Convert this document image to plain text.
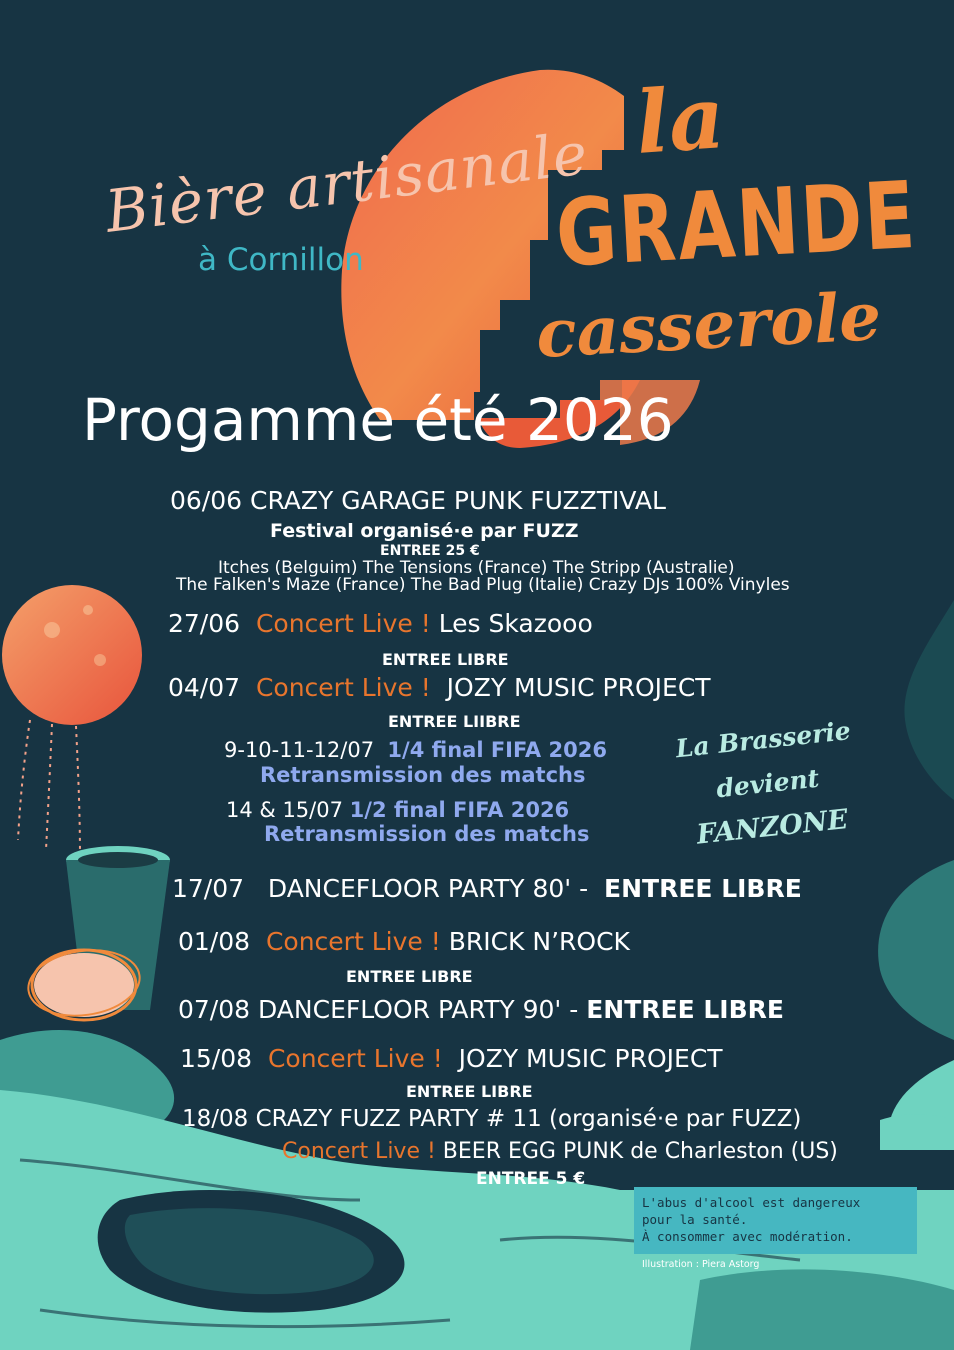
Bière artisanale
à Cornillon
la
GRANDE
casserole
Progamme été 2026
06/06 CRAZY GARAGE PUNK FUZZTIVAL
Festival organisé·e par FUZZ
ENTREE 25 €
Itches (Belguim) The Tensions (France) The Stripp (Australie)
The Falken's Maze (France) The Bad Plug (Italie) Crazy DJs 100% Vinyles
27/06 Concert Live ! Les Skazooo
ENTREE LIBRE
04/07 Concert Live ! JOZY MUSIC PROJECT
ENTREE LIIBRE
9-10-11-12/07 1/4 final FIFA 2026
Retransmission des matchs
14 & 15/07 1/2 final FIFA 2026
Retransmission des matchs
La Brasserie
devient
FANZONE
17/07 DANCEFLOOR PARTY 80' - ENTREE LIBRE
01/08 Concert Live ! BRICK N’ROCK
ENTREE LIBRE
07/08 DANCEFLOOR PARTY 90' - ENTREE LIBRE
15/08 Concert Live ! JOZY MUSIC PROJECT
ENTREE LIBRE
18/08 CRAZY FUZZ PARTY # 11 (organisé·e par FUZZ)
Concert Live ! BEER EGG PUNK de Charleston (US)
ENTREE 5 €
L'abus d'alcool est dangereux
pour la santé.
À consommer avec modération.
Illustration : Piera Astorg
